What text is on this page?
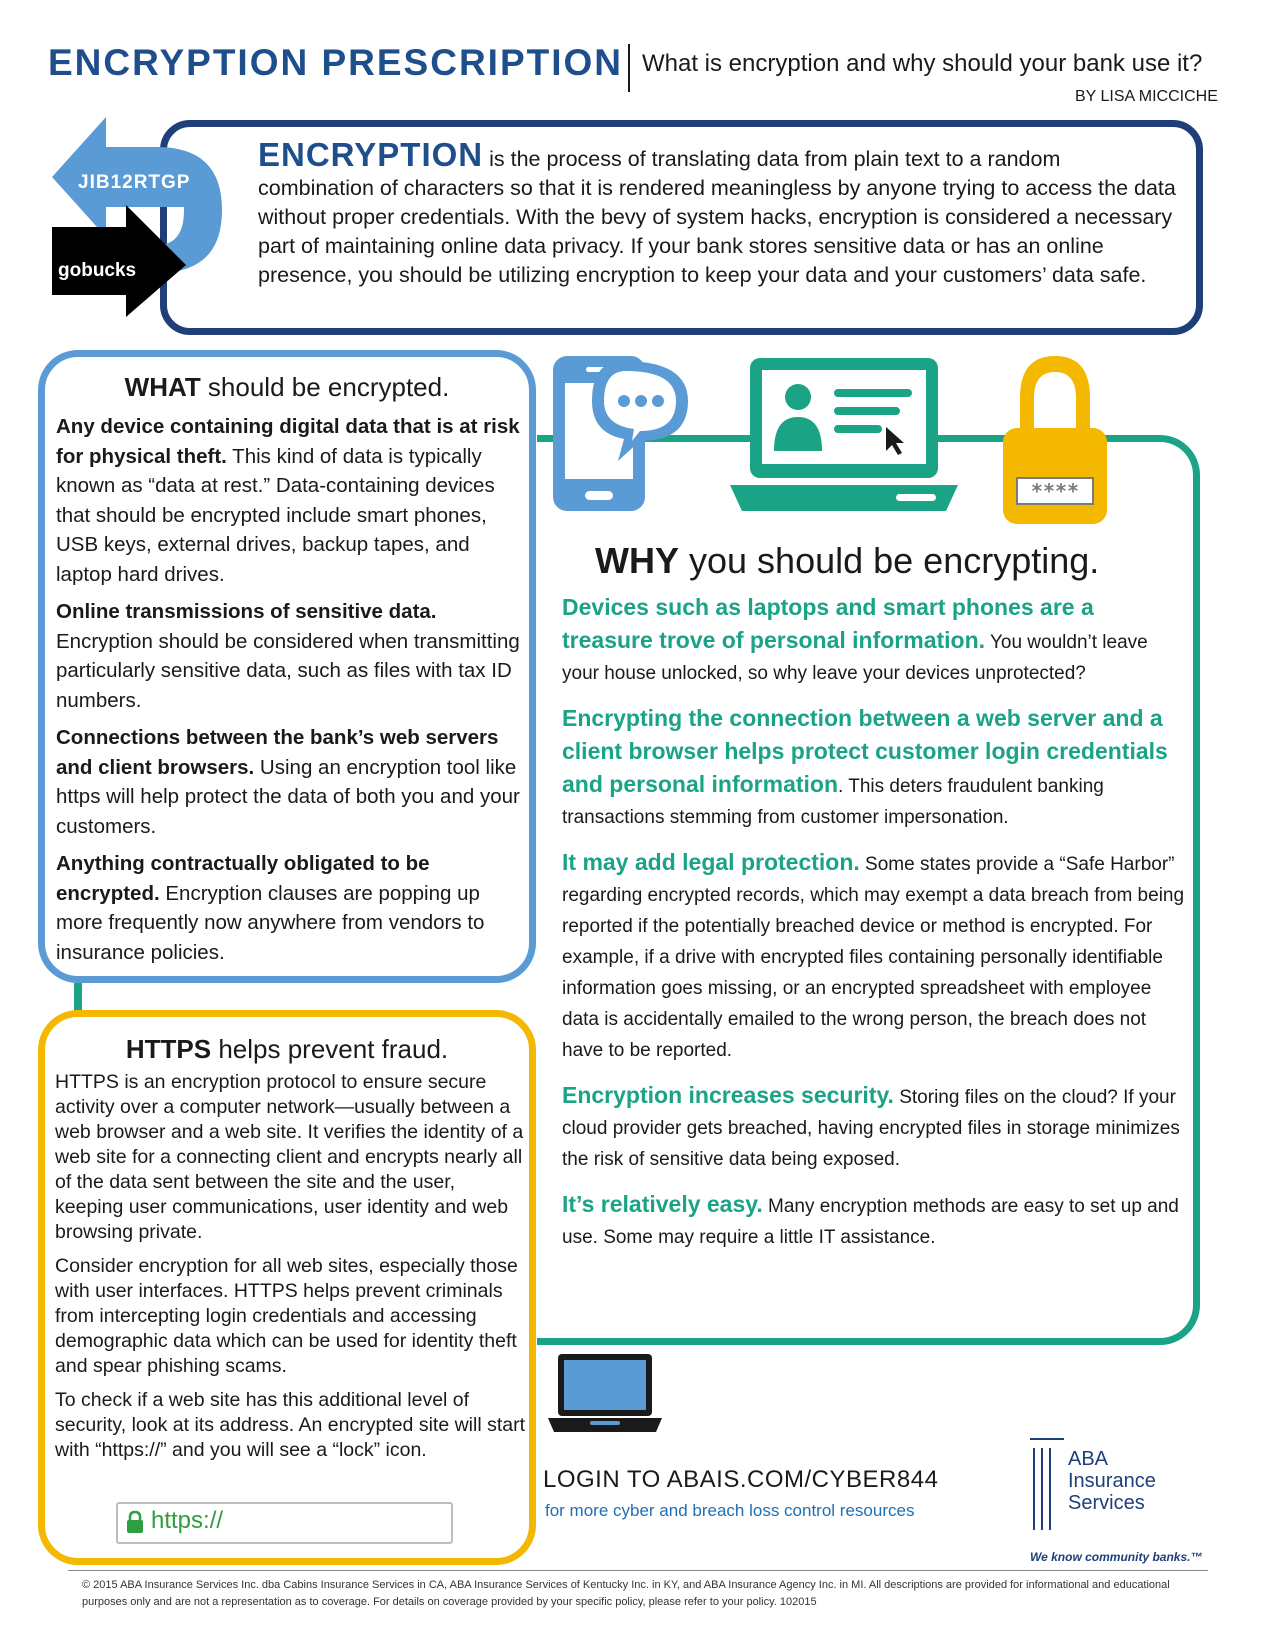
ENCRYPTION PRESCRIPTION What is encryption and why should your bank use it?
BY LISA MICCICHE
JIB12RTGP
gobucks
ENCRYPTION is the process of translating data from plain text to a random combination of characters so that it is rendered meaningless by anyone trying to access the data without proper credentials. With the bevy of system hacks, encryption is considered a necessary part of maintaining online data privacy. If your bank stores sensitive data or has an online presence, you should be utilizing encryption to keep your data and your customers’ data safe.
****
WHAT should be encrypted.
Any device containing digital data that is at risk for physical theft. This kind of data is typically known as “data at rest.” Data-containing devices that should be encrypted include smart phones, USB keys, external drives, backup tapes, and laptop hard drives.
Online transmissions of sensitive data. Encryption should be considered when transmitting particularly sensitive data, such as files with tax ID numbers.
Connections between the bank’s web servers and client browsers. Using an encryption tool like https will help protect the data of both you and your customers.
Anything contractually obligated to be encrypted. Encryption clauses are popping up more frequently now anywhere from vendors to insurance policies.
WHY you should be encrypting.
Devices such as laptops and smart phones are a treasure trove of personal information. You wouldn’t leave your house unlocked, so why leave your devices unprotected?
Encrypting the connection between a web server and a client browser helps protect customer login credentials and personal information. This deters fraudulent banking transactions stemming from customer impersonation.
It may add legal protection. Some states provide a “Safe Harbor” regarding encrypted records, which may exempt a data breach from being reported if the potentially breached device or method is encrypted. For example, if a drive with encrypted files containing personally identifiable information goes missing, or an encrypted spreadsheet with employee data is accidentally emailed to the wrong person, the breach does not have to be reported.
Encryption increases security. Storing files on the cloud? If your cloud provider gets breached, having encrypted files in storage minimizes the risk of sensitive data being exposed.
It’s relatively easy. Many encryption methods are easy to set up and use. Some may require a little IT assistance.
HTTPS helps prevent fraud.
HTTPS is an encryption protocol to ensure secure activity over a computer network—usually between a web browser and a web site. It verifies the identity of a web site for a connecting client and encrypts nearly all of the data sent between the site and the user, keeping user communications, user identity and web browsing private.
Consider encryption for all web sites, especially those with user interfaces. HTTPS helps prevent criminals from intercepting login credentials and accessing demographic data which can be used for identity theft and spear phishing scams.
To check if a web site has this additional level of security, look at its address. An encrypted site will start with “https://” and you will see a “lock” icon.
https://
LOGIN TO ABAIS.COM/CYBER844
for more cyber and breach loss control resources
ABA
Insurance
Services
We know community banks.™
© 2015 ABA Insurance Services Inc. dba Cabins Insurance Services in CA, ABA Insurance Services of Kentucky Inc. in KY, and ABA Insurance Agency Inc. in MI. All descriptions are provided for informational and educational purposes only and are not a representation as to coverage. For details on coverage provided by your specific policy, please refer to your policy. 102015
